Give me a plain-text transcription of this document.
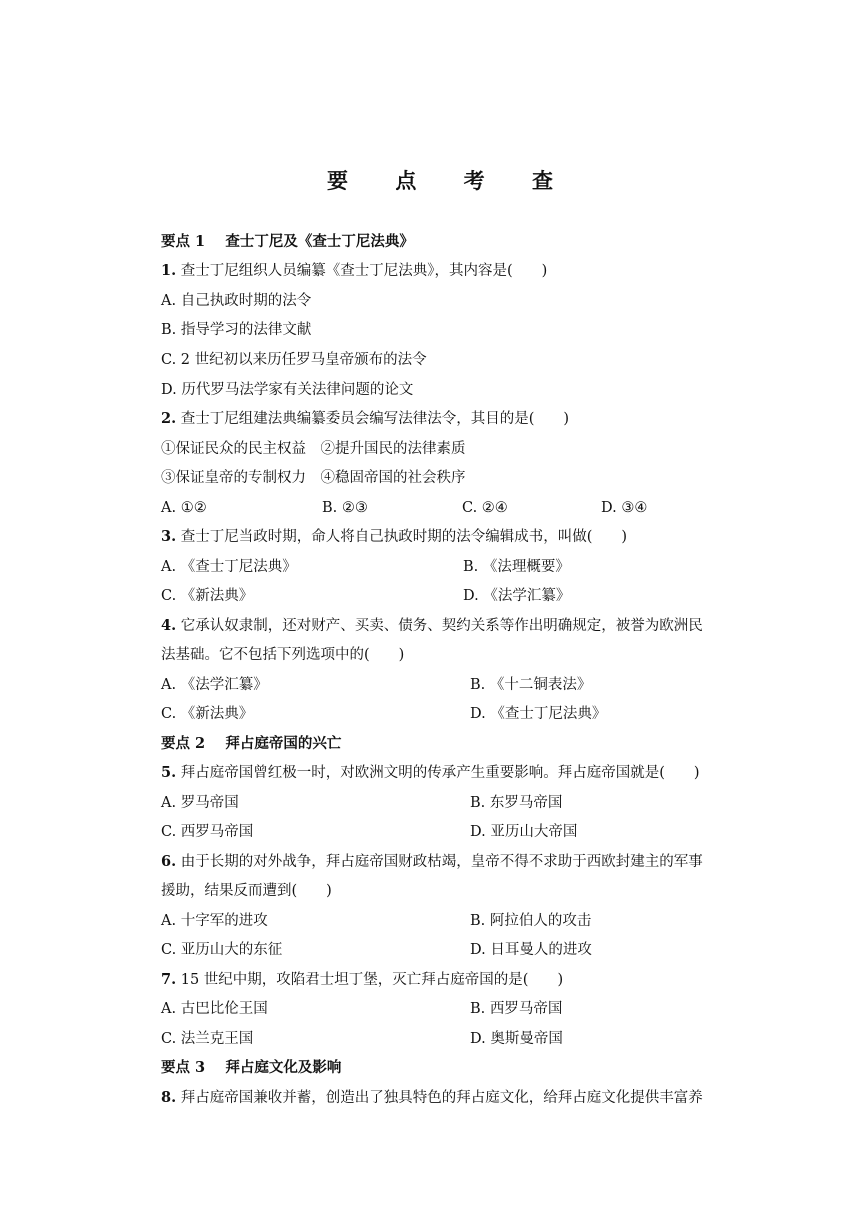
要 点 考 查
要点 1 查士丁尼及《查士丁尼法典》
1. 查士丁尼组织人员编纂《查士丁尼法典》，其内容是(　　)
A. 自己执政时期的法令
B. 指导学习的法律文献
C. 2 世纪初以来历任罗马皇帝颁布的法令
D. 历代罗马法学家有关法律问题的论文
2. 查士丁尼组建法典编纂委员会编写法律法令，其目的是(　　)
①保证民众的民主权益　②提升国民的法律素质
③保证皇帝的专制权力　④稳固帝国的社会秩序
A. ①②	B. ②③	C. ②④	D. ③④
3. 查士丁尼当政时期，命人将自己执政时期的法令编辑成书，叫做(　　)
A. 《查士丁尼法典》	B. 《法理概要》
C. 《新法典》	D. 《法学汇纂》
4. 它承认奴隶制，还对财产、买卖、债务、契约关系等作出明确规定，被誉为欧洲民
法基础。它不包括下列选项中的(　　)
A. 《法学汇纂》	B. 《十二铜表法》
C. 《新法典》	D. 《查士丁尼法典》
要点 2 拜占庭帝国的兴亡
5. 拜占庭帝国曾红极一时，对欧洲文明的传承产生重要影响。拜占庭帝国就是(　　)
A. 罗马帝国	B. 东罗马帝国
C. 西罗马帝国	D. 亚历山大帝国
6. 由于长期的对外战争，拜占庭帝国财政枯竭，皇帝不得不求助于西欧封建主的军事
援助，结果反而遭到(　　)
A. 十字军的进攻	B. 阿拉伯人的攻击
C. 亚历山大的东征	D. 日耳曼人的进攻
7. 15 世纪中期，攻陷君士坦丁堡，灭亡拜占庭帝国的是(　　)
A. 古巴比伦王国	B. 西罗马帝国
C. 法兰克王国	D. 奥斯曼帝国
要点 3 拜占庭文化及影响
8. 拜占庭帝国兼收并蓄，创造出了独具特色的拜占庭文化，给拜占庭文化提供丰富养
